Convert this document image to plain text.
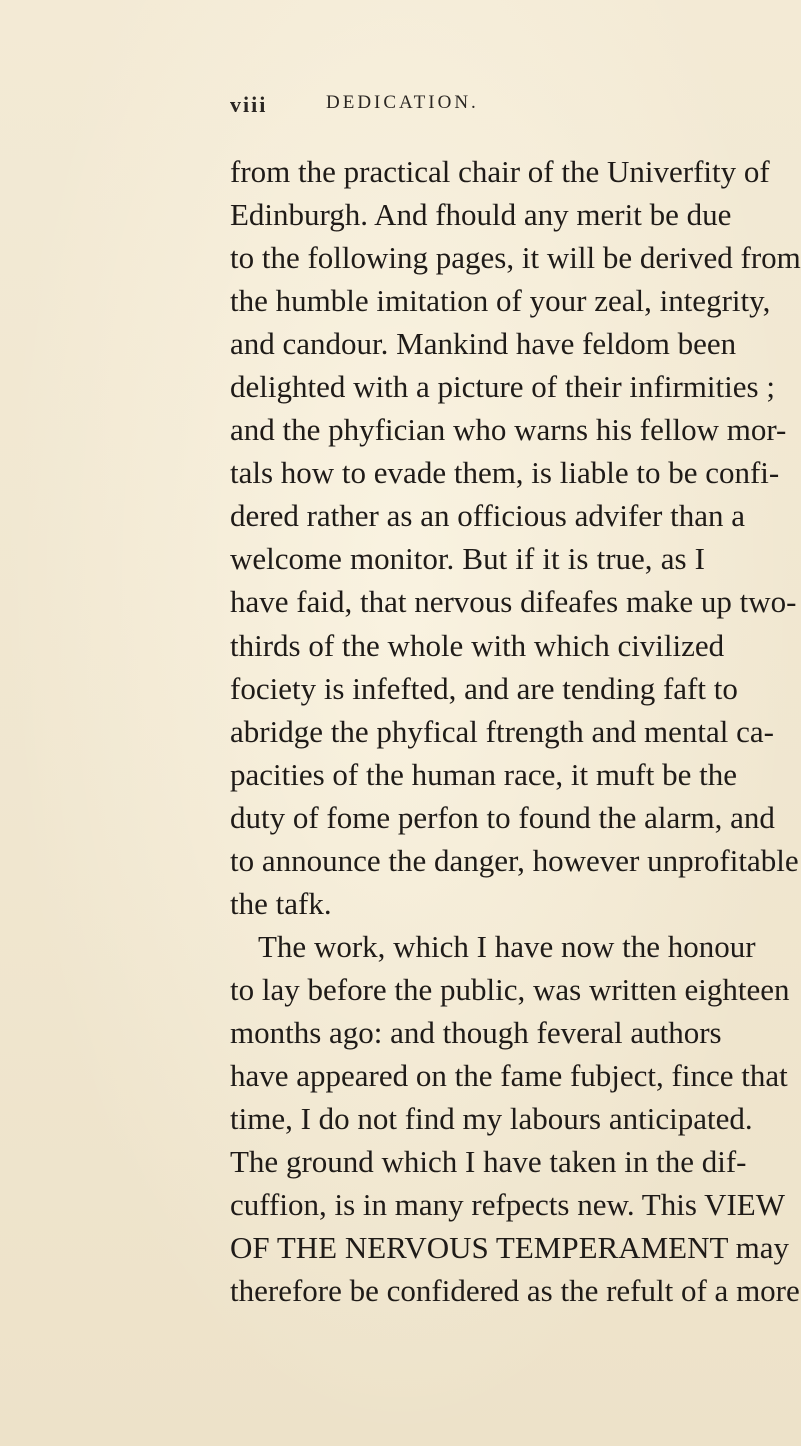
viii	DEDICATION.
from the practical chair of the Univerfity of
Edinburgh. And fhould any merit be due
to the following pages, it will be derived from
the humble imitation of your zeal, integrity,
and candour. Mankind have feldom been
delighted with a picture of their infirmities ;
and the phyfician who warns his fellow mor-
tals how to evade them, is liable to be confi-
dered rather as an officious advifer than a
welcome monitor. But if it is true, as I
have faid, that nervous difeafes make up two-
thirds of the whole with which civilized
fociety is infefted, and are tending faft to
abridge the phyfical ftrength and mental ca-
pacities of the human race, it muft be the
duty of fome perfon to found the alarm, and
to announce the danger, however unprofitable
the tafk.
The work, which I have now the honour
to lay before the public, was written eighteen
months ago: and though feveral authors
have appeared on the fame fubject, fince that
time, I do not find my labours anticipated.
The ground which I have taken in the dif-
cuffion, is in many refpects new. This VIEW
OF THE NERVOUS TEMPERAMENT may
therefore be confidered as the refult of a more
